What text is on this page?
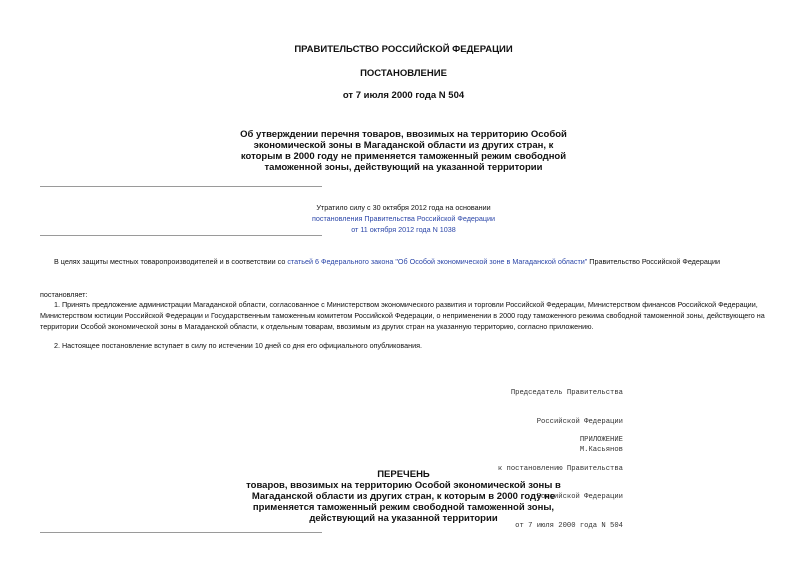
ПРАВИТЕЛЬСТВО РОССИЙСКОЙ ФЕДЕРАЦИИ
ПОСТАНОВЛЕНИЕ
от 7 июля 2000 года N 504
Об утверждении перечня товаров, ввозимых на территорию Особой
экономической зоны в Магаданской области из других стран, к
которым в 2000 году не применяется таможенный режим свободной
таможенной зоны, действующий на указанной территории
Утратило силу с 30 октября 2012 года на основании
постановления Правительства Российской Федерации
от 11 октября 2012 года N 1038
В целях защиты местных товаропроизводителей и в соответствии со статьей 6 Федерального закона "Об Особой экономической зоне в Магаданской области" Правительство Российской Федерации
постановляет:
1. Принять предложение администрации Магаданской области, согласованное с Министерством экономического развития и торговли Российской Федерации, Министерством финансов Российской Федерации, Министерством юстиции Российской Федерации и Государственным таможенным комитетом Российской Федерации, о неприменении в 2000 году таможенного режима свободной таможенной зоны, действующего на территории Особой экономической зоны в Магаданской области, к отдельным товарам, ввозимым из других стран на указанную территорию, согласно приложению.
2. Настоящее постановление вступает в силу по истечении 10 дней со дня его официального опубликования.

Председатель Правительства

Российской Федерации

М.Касьянов

ПРИЛОЖЕНИЕ

к постановлению Правительства

Российской Федерации

от 7 июля 2000 года N 504

ПЕРЕЧЕНЬ
товаров, ввозимых на территорию Особой экономической зоны в
Магаданской области из других стран, к которым в 2000 году не
применяется таможенный режим свободной таможенной зоны,
действующий на указанной территории
